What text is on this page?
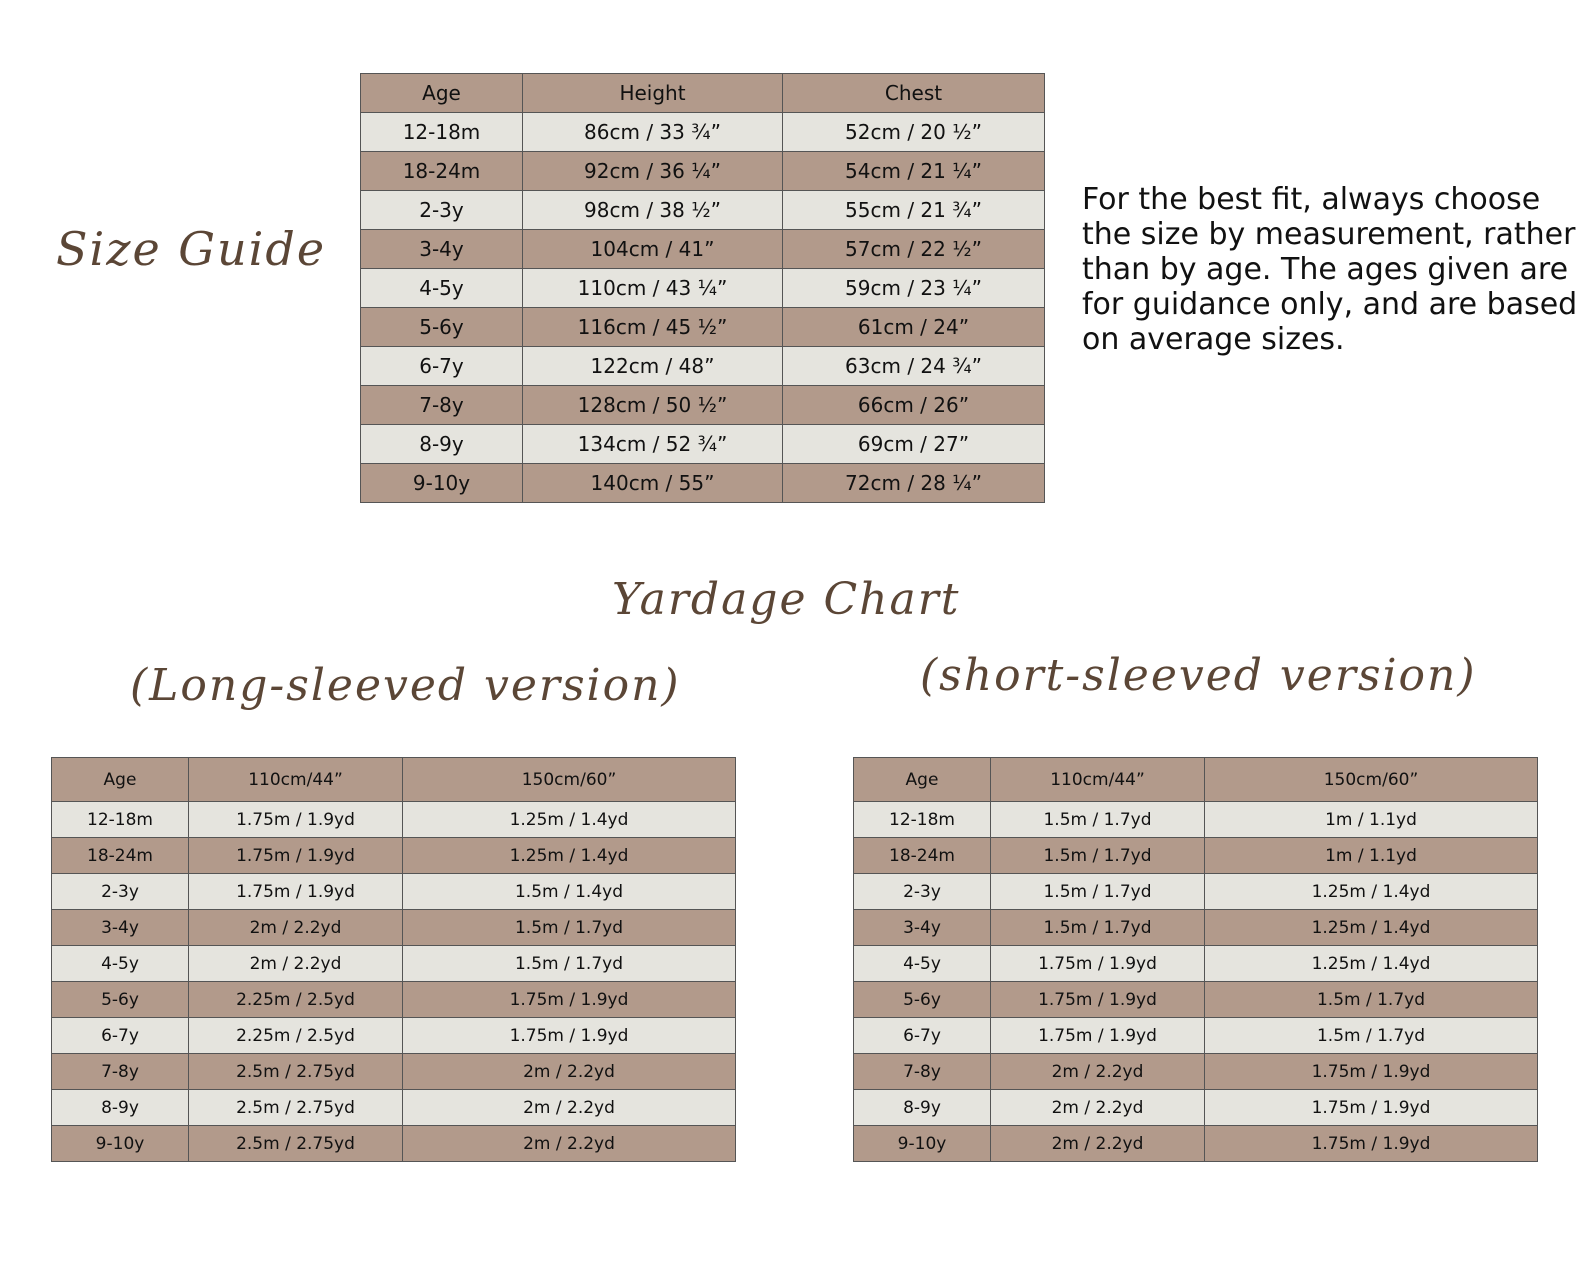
Size Guide
Age	Height	Chest
12-18m	86cm / 33 ¾”	52cm / 20 ½”
18-24m	92cm / 36 ¼”	54cm / 21 ¼”
2-3y	98cm / 38 ½”	55cm / 21 ¾”
3-4y	104cm / 41”	57cm / 22 ½”
4-5y	110cm / 43 ¼”	59cm / 23 ¼”
5-6y	116cm / 45 ½”	61cm / 24”
6-7y	122cm / 48”	63cm / 24 ¾”
7-8y	128cm / 50 ½”	66cm / 26”
8-9y	134cm / 52 ¾”	69cm / 27”
9-10y	140cm / 55”	72cm / 28 ¼”
For the best fit, always choose the size by measurement, rather than by age. The ages given are for guidance only, and are based on average sizes.
Yardage Chart
(Long-sleeved version)	(short-sleeved version)
Age	110cm/44”	150cm/60”
12-18m	1.75m / 1.9yd	1.25m / 1.4yd
18-24m	1.75m / 1.9yd	1.25m / 1.4yd
2-3y	1.75m / 1.9yd	1.5m / 1.4yd
3-4y	2m / 2.2yd	1.5m / 1.7yd
4-5y	2m / 2.2yd	1.5m / 1.7yd
5-6y	2.25m / 2.5yd	1.75m / 1.9yd
6-7y	2.25m / 2.5yd	1.75m / 1.9yd
7-8y	2.5m / 2.75yd	2m / 2.2yd
8-9y	2.5m / 2.75yd	2m / 2.2yd
9-10y	2.5m / 2.75yd	2m / 2.2yd
Age	110cm/44”	150cm/60”
12-18m	1.5m / 1.7yd	1m / 1.1yd
18-24m	1.5m / 1.7yd	1m / 1.1yd
2-3y	1.5m / 1.7yd	1.25m / 1.4yd
3-4y	1.5m / 1.7yd	1.25m / 1.4yd
4-5y	1.75m / 1.9yd	1.25m / 1.4yd
5-6y	1.75m / 1.9yd	1.5m / 1.7yd
6-7y	1.75m / 1.9yd	1.5m / 1.7yd
7-8y	2m / 2.2yd	1.75m / 1.9yd
8-9y	2m / 2.2yd	1.75m / 1.9yd
9-10y	2m / 2.2yd	1.75m / 1.9yd
